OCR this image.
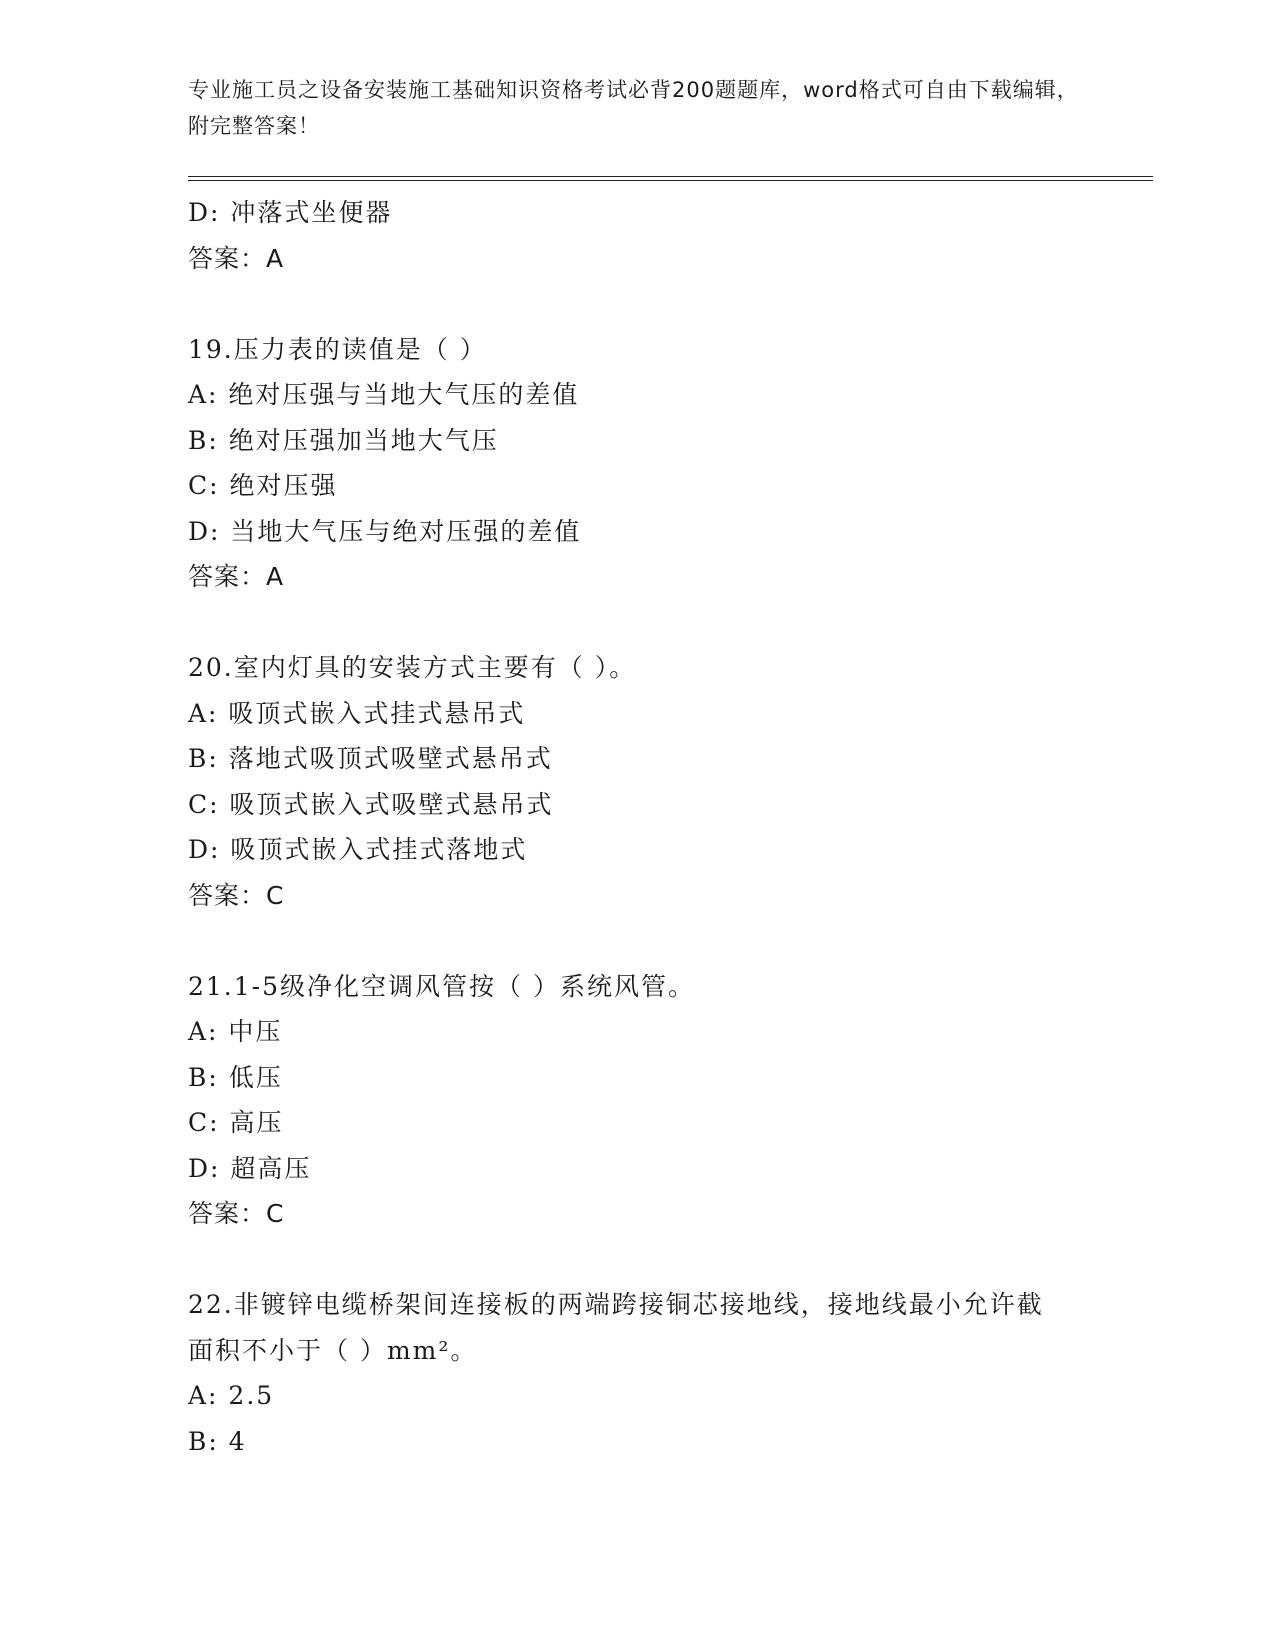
专业施工员之设备安装施工基础知识资格考试必背200题题库，word格式可自由下载编辑，附完整答案！
D: 冲落式坐便器
答案：A
19.压力表的读值是（ ）
A: 绝对压强与当地大气压的差值
B: 绝对压强加当地大气压
C: 绝对压强
D: 当地大气压与绝对压强的差值
答案：A
20.室内灯具的安装方式主要有（ ）。
A: 吸顶式嵌入式挂式悬吊式
B: 落地式吸顶式吸壁式悬吊式
C: 吸顶式嵌入式吸壁式悬吊式
D: 吸顶式嵌入式挂式落地式
答案：C
21.1-5级净化空调风管按（ ）系统风管。
A: 中压
B: 低压
C: 高压
D: 超高压
答案：C
22.非镀锌电缆桥架间连接板的两端跨接铜芯接地线，接地线最小允许截面积不小于（ ）mm²。
A: 2.5
B: 4
